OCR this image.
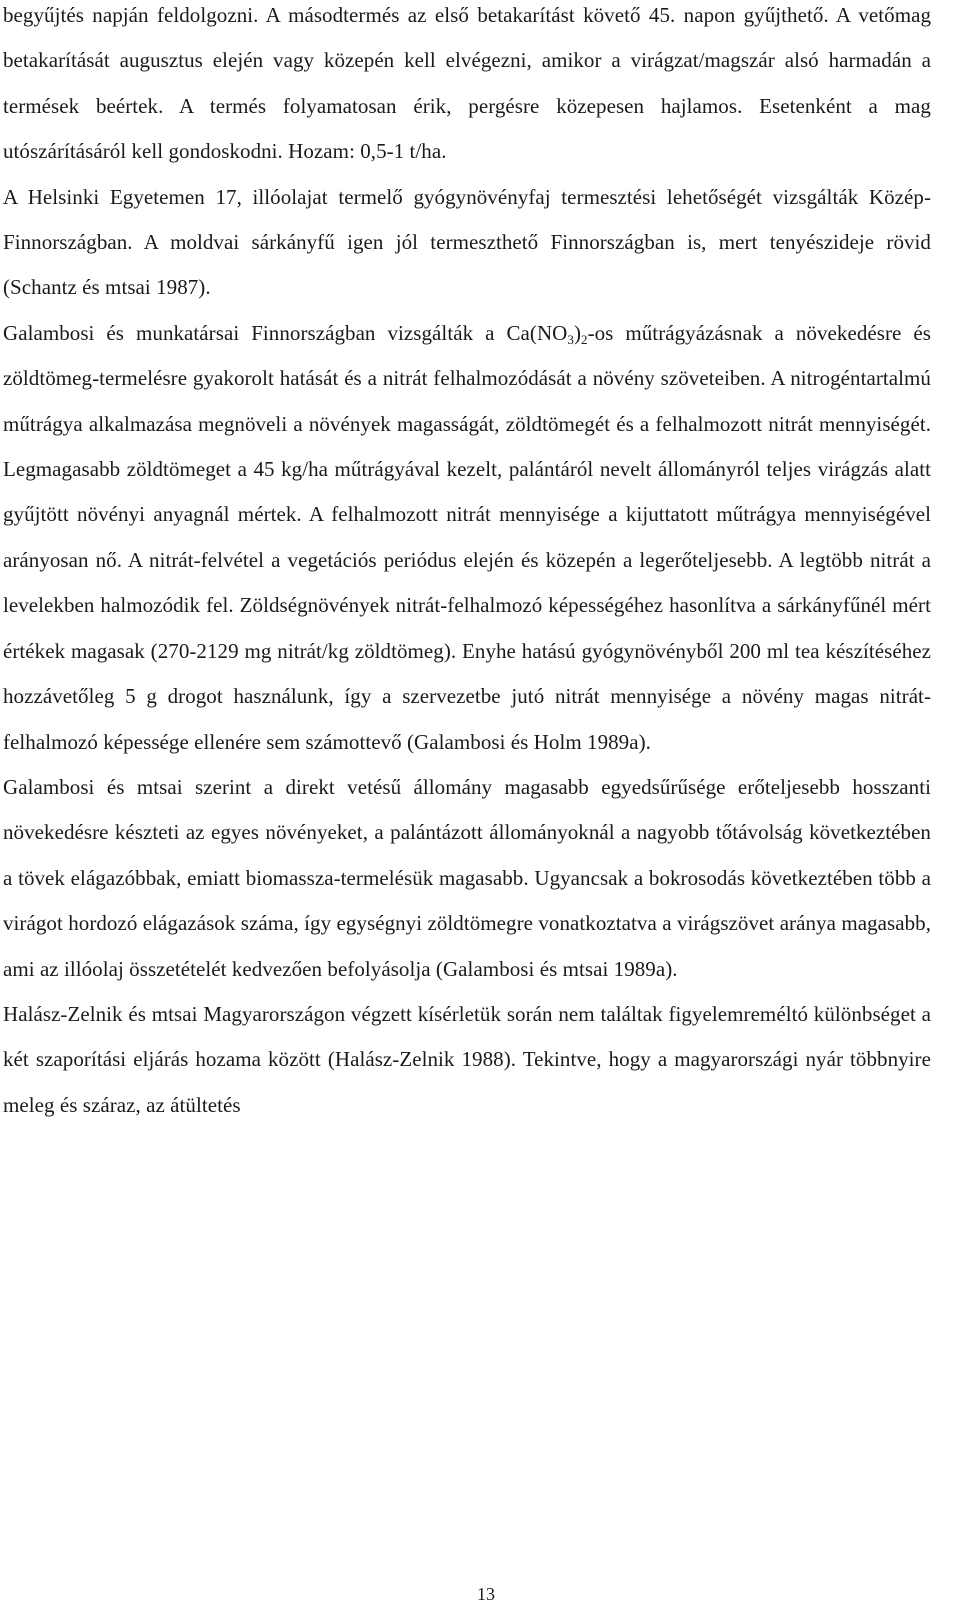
begyűjtés napján feldolgozni. A másodtermés az első betakarítást követő 45. napon gyűjthető. A vetőmag betakarítását augusztus elején vagy közepén kell elvégezni, amikor a virágzat/magszár alsó harmadán a termések beértek. A termés folyamatosan érik, pergésre közepesen hajlamos. Esetenként a mag utószárításáról kell gondoskodni. Hozam: 0,5-1 t/ha.

A Helsinki Egyetemen 17, illóolajat termelő gyógynövényfaj termesztési lehetőségét vizsgálták Közép-Finnországban. A moldvai sárkányfű igen jól termeszthető Finnországban is, mert tenyészideje rövid (Schantz és mtsai 1987).

Galambosi és munkatársai Finnországban vizsgálták a $Ca(NO_3)_2-os$ műtrágyázásnak a növekedésre és zöldtömeg-termelésre gyakorolt hatását és a nitrát felhalmozódását a növény szöveteiben. A nitrogéntartalmú műtrágya alkalmazása megnöveli a növények magasságát, zöldtömegét és a felhalmozott nitrát mennyiségét. Legmagasabb zöldtömeget a 45 kg/ha műtrágyával kezelt, palántáról nevelt állományról teljes virágzás alatt gyűjtött növényi anyagnál mértek. A felhalmozott nitrát mennyisége a kijuttatott műtrágya mennyiségével arányosan nő. A nitrát-felvétel a vegetációs periódus elején és közepén a legerőteljesebb. A legtöbb nitrát a levelekben halmozódik fel. Zöldségnövények nitrát-felhalmozó képességéhez hasonlítva a sárkányfűnél mért értékek magasak (270-2129 mg nitrát/kg zöldtömeg). Enyhe hatású gyógynövényből 200 ml tea készítéséhez hozzávetőleg 5 g drogot használunk, így a szervezetbe jutó nitrát mennyisége a növény magas nitrát-felhalmozó képessége ellenére sem számottevő (Galambosi és Holm 1989a).

Galambosi és mtsai szerint a direkt vetésű állomány magasabb egyedsűrűsége erőteljesebb hosszanti növekedésre készteti az egyes növényeket, a palántázott állományoknál a nagyobb tőtávolság következtében a tövek elágazóbbak, emiatt biomassza-termelésük magasabb. Ugyancsak a bokrosodás következtében több a virágot hordozó elágazások száma, így egységnyi zöldtömegre vonatkoztatva a virágszövet aránya magasabb, ami az illóolaj összetételét kedvezően befolyásolja (Galambosi és mtsai 1989a).

Halász-Zelnik és mtsai Magyarországon végzett kísérletük során nem találtak figyelemreméltó különbséget a két szaporítási eljárás hozama között (Halász-Zelnik 1988). Tekintve, hogy a magyarországi nyár többnyire meleg és száraz, az átültetés

13
